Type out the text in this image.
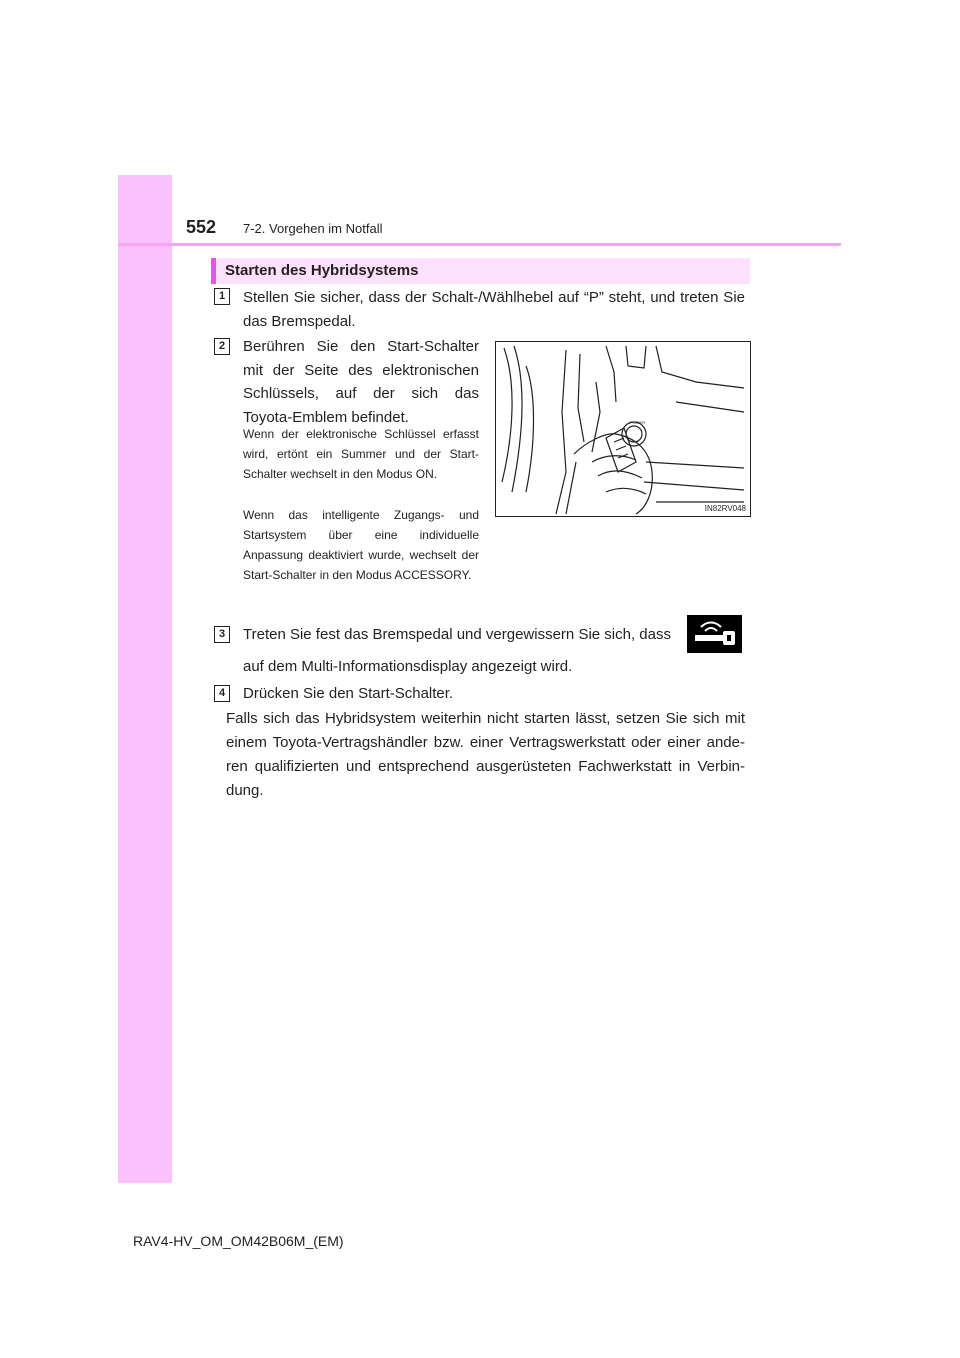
552 7-2. Vorgehen im Notfall
Starten des Hybridsystems
1	Stellen Sie sicher, dass der Schalt-/Wählhebel auf “P” steht, und treten Sie das Bremspedal.
2	Berühren Sie den Start-Schalter mit der Seite des elektronischen Schlüssels, auf der sich das Toyota-Emblem befindet.
Wenn der elektronische Schlüssel erfasst wird, ertönt ein Summer und der Start-Schalter wechselt in den Modus ON.
Wenn das intelligente Zugangs- und Startsystem über eine individuelle Anpassung deaktiviert wurde, wechselt der Start-Schalter in den Modus ACCESSORY.
POWER
IN82RV048
3	Treten Sie fest das Bremspedal und vergewissern Sie sich, dass
auf dem Multi-Informationsdisplay angezeigt wird.
4	Drücken Sie den Start-Schalter.
Falls sich das Hybridsystem weiterhin nicht starten lässt, setzen Sie sich mit einem Toyota-Vertragshändler bzw. einer Vertragswerkstatt oder einer ande-ren qualifizierten und entsprechend ausgerüsteten Fachwerkstatt in Verbin-dung.
RAV4-HV_OM_OM42B06M_(EM)
